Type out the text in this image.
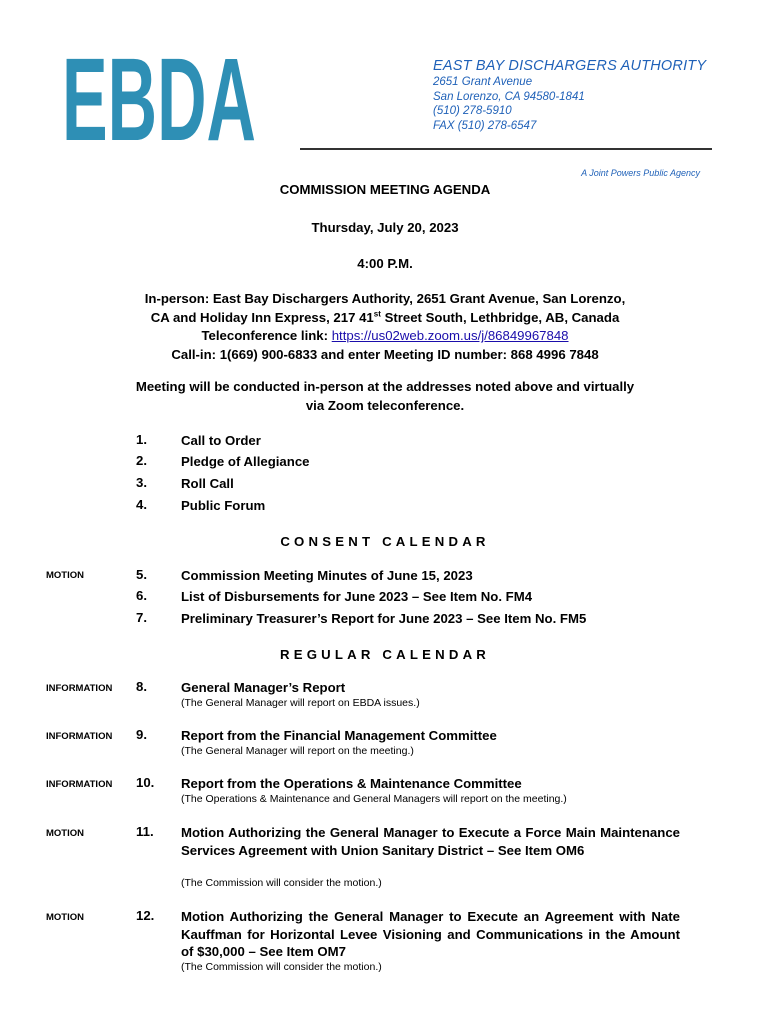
EBDA	EAST BAY DISCHARGERS AUTHORITY
2651 Grant Avenue
San Lorenzo, CA 94580-1841
(510) 278-5910
FAX (510) 278-6547
A Joint Powers Public Agency
COMMISSION MEETING AGENDA
Thursday, July 20, 2023
4:00 P.M.
In-person: East Bay Dischargers Authority, 2651 Grant Avenue, San Lorenzo,
CA and Holiday Inn Express, 217 41st Street South, Lethbridge, AB, Canada
Teleconference link: https://us02web.zoom.us/j/86849967848
Call-in: 1(669) 900-6833 and enter Meeting ID number: 868 4996 7848
Meeting will be conducted in-person at the addresses noted above and virtually
via Zoom teleconference.
1.	Call to Order
2.	Pledge of Allegiance
3.	Roll Call
4.	Public Forum
CONSENT CALENDAR
MOTION	5.	Commission Meeting Minutes of June 15, 2023
6.	List of Disbursements for June 2023 – See Item No. FM4
7.	Preliminary Treasurer’s Report for June 2023 – See Item No. FM5
REGULAR CALENDAR
INFORMATION 8.	General Manager’s Report
(The General Manager will report on EBDA issues.)
INFORMATION 9.	Report from the Financial Management Committee
(The General Manager will report on the meeting.)
INFORMATION 10. Report from the Operations & Maintenance Committee
(The Operations & Maintenance and General Managers will report on the meeting.)
MOTION	11. Motion Authorizing the General Manager to Execute a Force Main Maintenance Services Agreement with Union Sanitary District – See Item OM6
(The Commission will consider the motion.)
MOTION	12. Motion Authorizing the General Manager to Execute an Agreement with Nate Kauffman for Horizontal Levee Visioning and Communications in the Amount of $30,000 – See Item OM7
(The Commission will consider the motion.)
